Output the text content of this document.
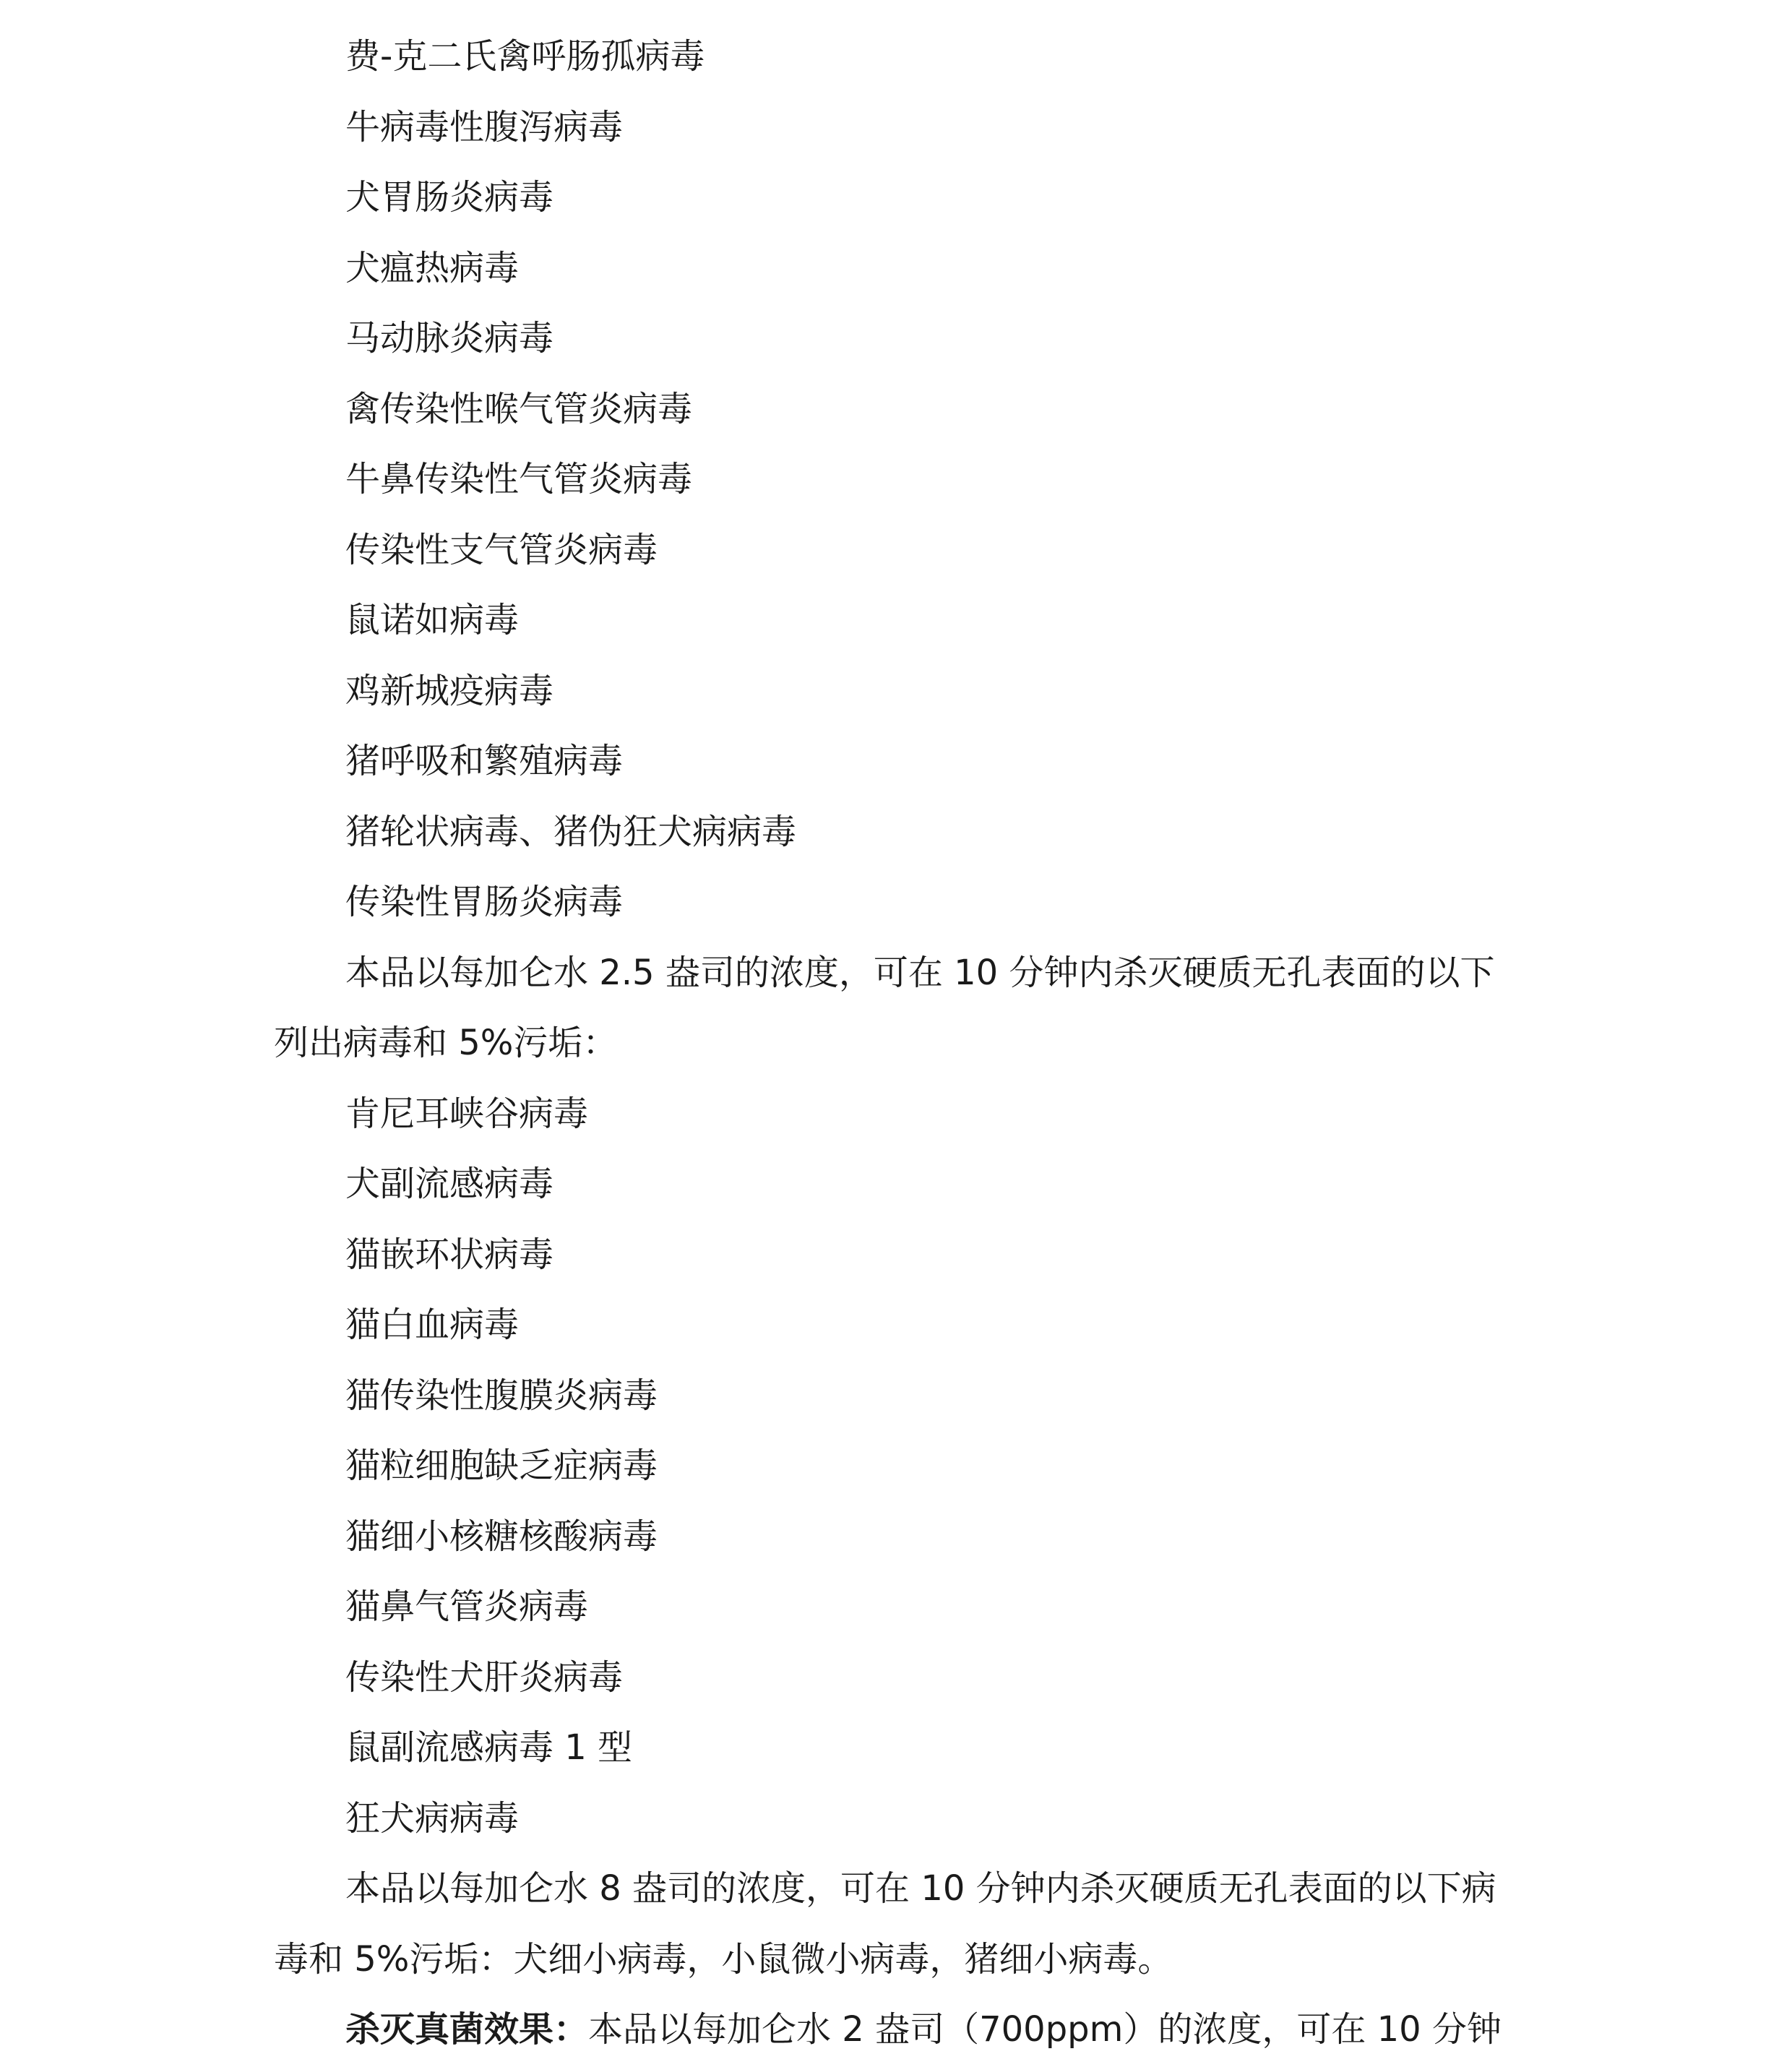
费-克二氏禽呼肠孤病毒
牛病毒性腹泻病毒
犬胃肠炎病毒
犬瘟热病毒
马动脉炎病毒
禽传染性喉气管炎病毒
牛鼻传染性气管炎病毒
传染性支气管炎病毒
鼠诺如病毒
鸡新城疫病毒
猪呼吸和繁殖病毒
猪轮状病毒、猪伪狂犬病病毒
传染性胃肠炎病毒
本品以每加仑水 2.5 盎司的浓度，可在 10 分钟内杀灭硬质无孔表面的以下
列出病毒和 5%污垢：
肯尼耳峡谷病毒
犬副流感病毒
猫嵌环状病毒
猫白血病毒
猫传染性腹膜炎病毒
猫粒细胞缺乏症病毒
猫细小核糖核酸病毒
猫鼻气管炎病毒
传染性犬肝炎病毒
鼠副流感病毒 1 型
狂犬病病毒
本品以每加仑水 8 盎司的浓度，可在 10 分钟内杀灭硬质无孔表面的以下病
毒和 5%污垢：犬细小病毒，小鼠微小病毒，猪细小病毒。
杀灭真菌效果：本品以每加仑水 2 盎司（700ppm）的浓度，可在 10 分钟
